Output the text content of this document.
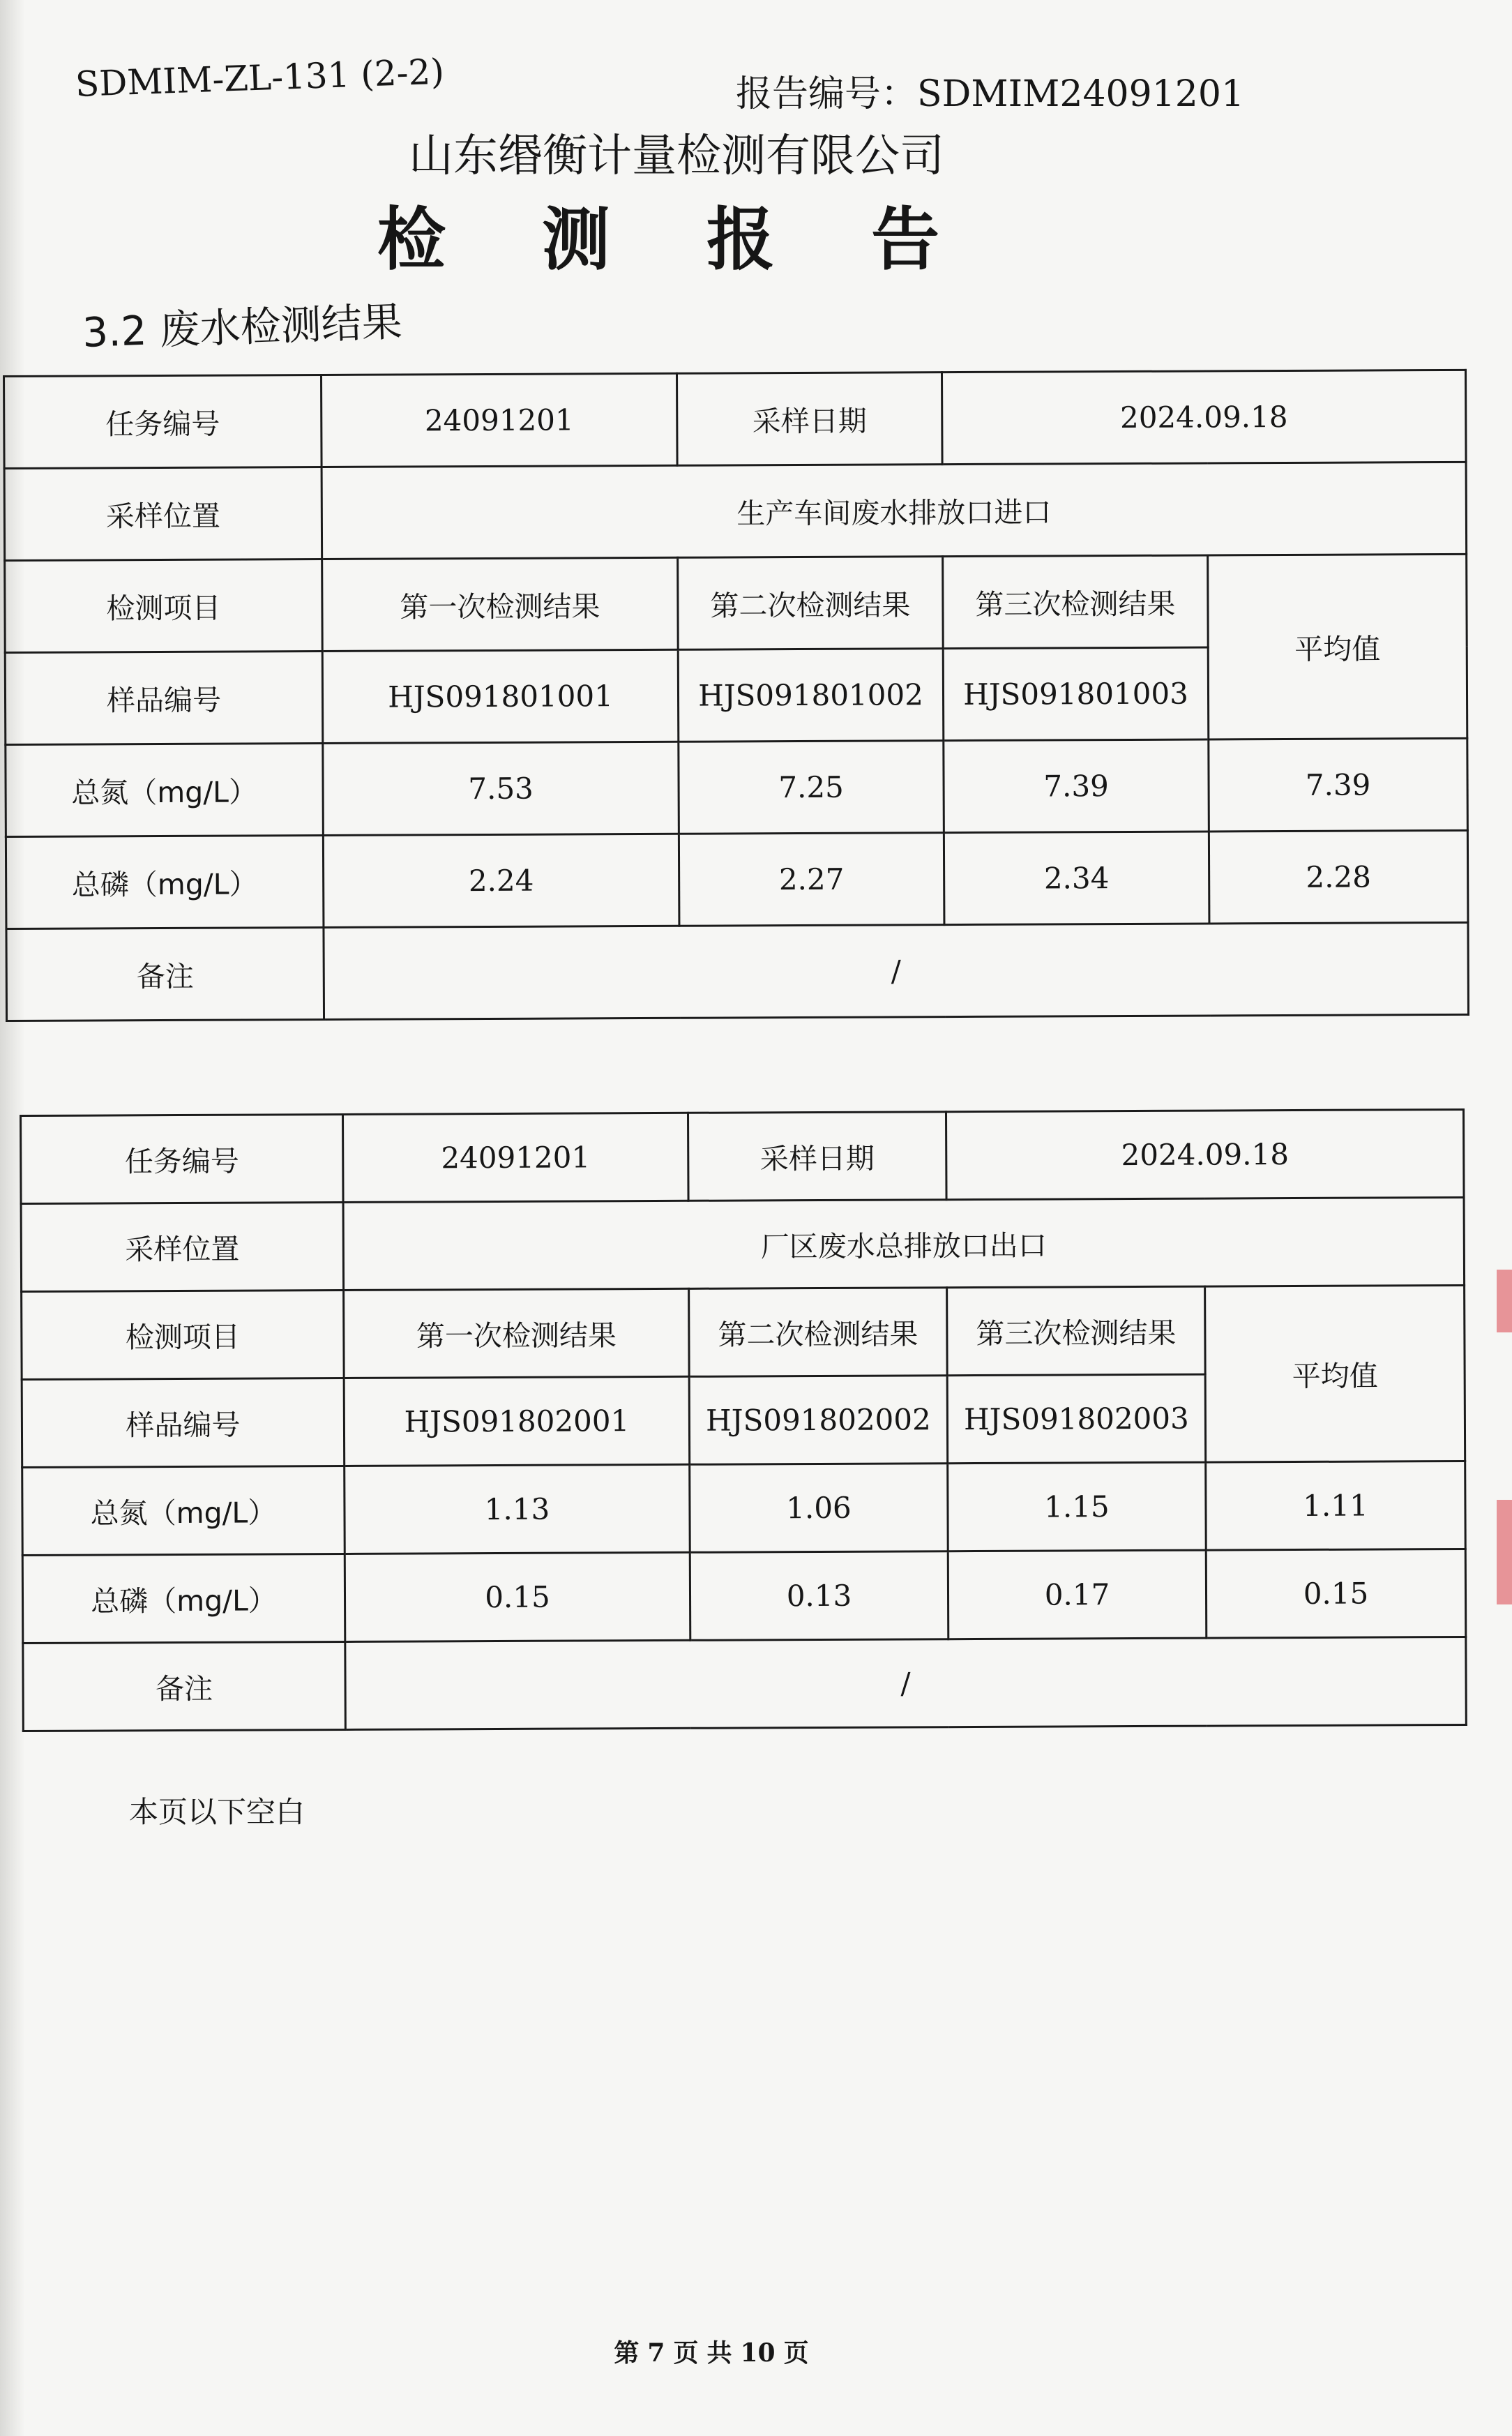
SDMIM-ZL-131 (2-2)	报告编号：SDMIM24091201
山东缗衡计量检测有限公司
检 测 报 告
3.2 废水检测结果
任务编号	24091201	采样日期	2024.09.18	
采样位置	生产车间废水排放口进口			
检测项目	第一次检测结果	第二次检测结果	第三次检测结果	平均值
样品编号	HJS091801001	HJS091801002	HJS091801003	
总氮（mg/L）	7.53	7.25	7.39	7.39
总磷（mg/L）	2.24	2.27	2.34	2.28
备注	/			
任务编号	24091201	采样日期	2024.09.18	
采样位置	厂区废水总排放口出口			
检测项目	第一次检测结果	第二次检测结果	第三次检测结果	平均值
样品编号	HJS091802001	HJS091802002	HJS091802003	
总氮（mg/L）	1.13	1.06	1.15	1.11
总磷（mg/L）	0.15	0.13	0.17	0.15
备注	/			
本页以下空白
第 7 页 共 10 页
